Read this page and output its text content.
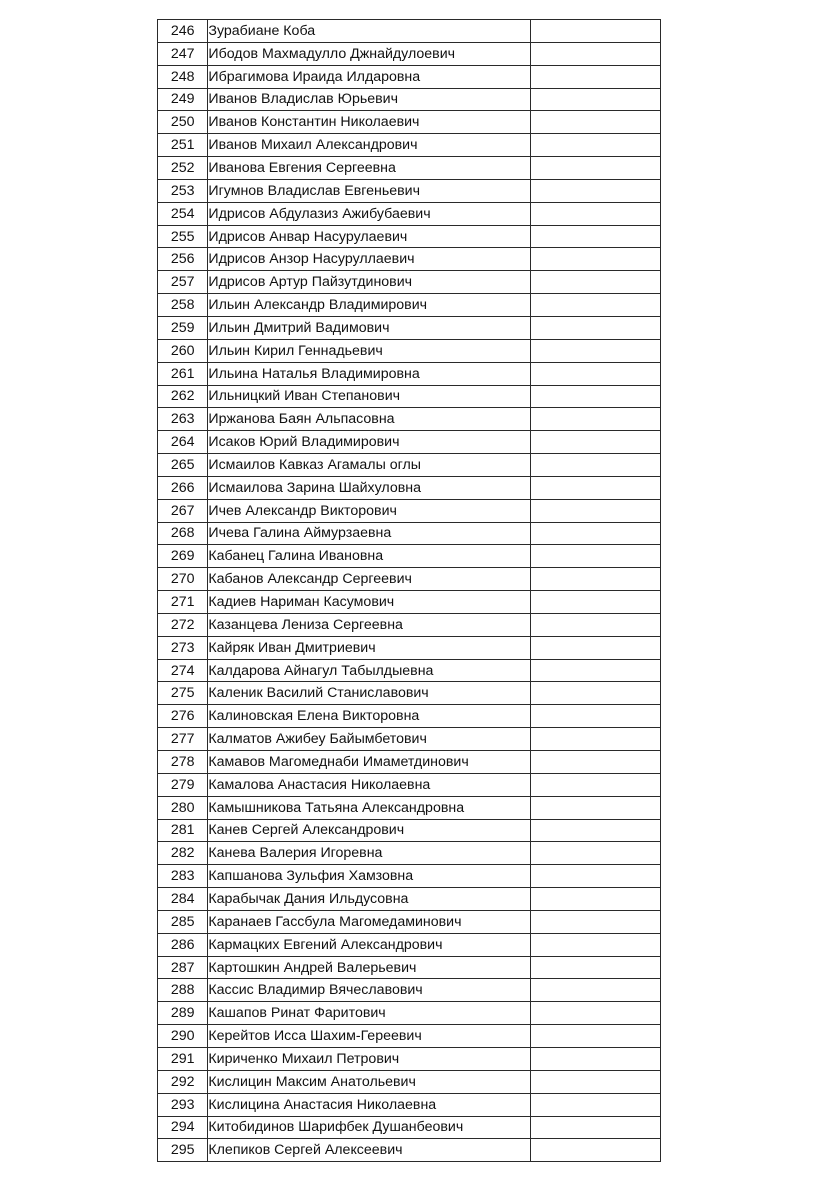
246	Зурабиане Коба	
247	Ибодов Махмадулло Джнайдулоевич	
248	Ибрагимова Ираида Илдаровна	
249	Иванов Владислав Юрьевич	
250	Иванов Константин Николаевич	
251	Иванов Михаил Александрович	
252	Иванова Евгения Сергеевна	
253	Игумнов Владислав Евгеньевич	
254	Идрисов Абдулазиз Ажибубаевич	
255	Идрисов Анвар Насурулаевич	
256	Идрисов Анзор Насуруллаевич	
257	Идрисов Артур Пайзутдинович	
258	Ильин Александр Владимирович	
259	Ильин Дмитрий Вадимович	
260	Ильин Кирил Геннадьевич	
261	Ильина Наталья Владимировна	
262	Ильницкий Иван Степанович	
263	Иржанова Баян Альпасовна	
264	Исаков Юрий Владимирович	
265	Исмаилов Кавказ Агамалы оглы	
266	Исмаилова Зарина Шайхуловна	
267	Ичев Александр Викторович	
268	Ичева Галина Аймурзаевна	
269	Кабанец Галина Ивановна	
270	Кабанов Александр Сергеевич	
271	Кадиев Нариман Касумович	
272	Казанцева Лениза Сергеевна	
273	Кайряк Иван Дмитриевич	
274	Калдарова Айнагул Табылдыевна	
275	Каленик Василий Станиславович	
276	Калиновская Елена Викторовна	
277	Калматов Ажибеу Байымбетович	
278	Камавов Магомеднаби Имаметдинович	
279	Камалова Анастасия Николаевна	
280	Камышникова Татьяна Александровна	
281	Канев Сергей Александрович	
282	Канева Валерия Игоревна	
283	Капшанова Зульфия Хамзовна	
284	Карабычак Дания Ильдусовна	
285	Каранаев Гассбула Магомедаминович	
286	Кармацких Евгений Александрович	
287	Картошкин Андрей Валерьевич	
288	Кассис Владимир Вячеславович	
289	Кашапов Ринат Фаритович	
290	Керейтов Исса Шахим-Гереевич	
291	Кириченко Михаил Петрович	
292	Кислицин Максим Анатольевич	
293	Кислицина Анастасия Николаевна	
294	Китобидинов Шарифбек Душанбеович	
295	Клепиков Сергей Алексеевич	
